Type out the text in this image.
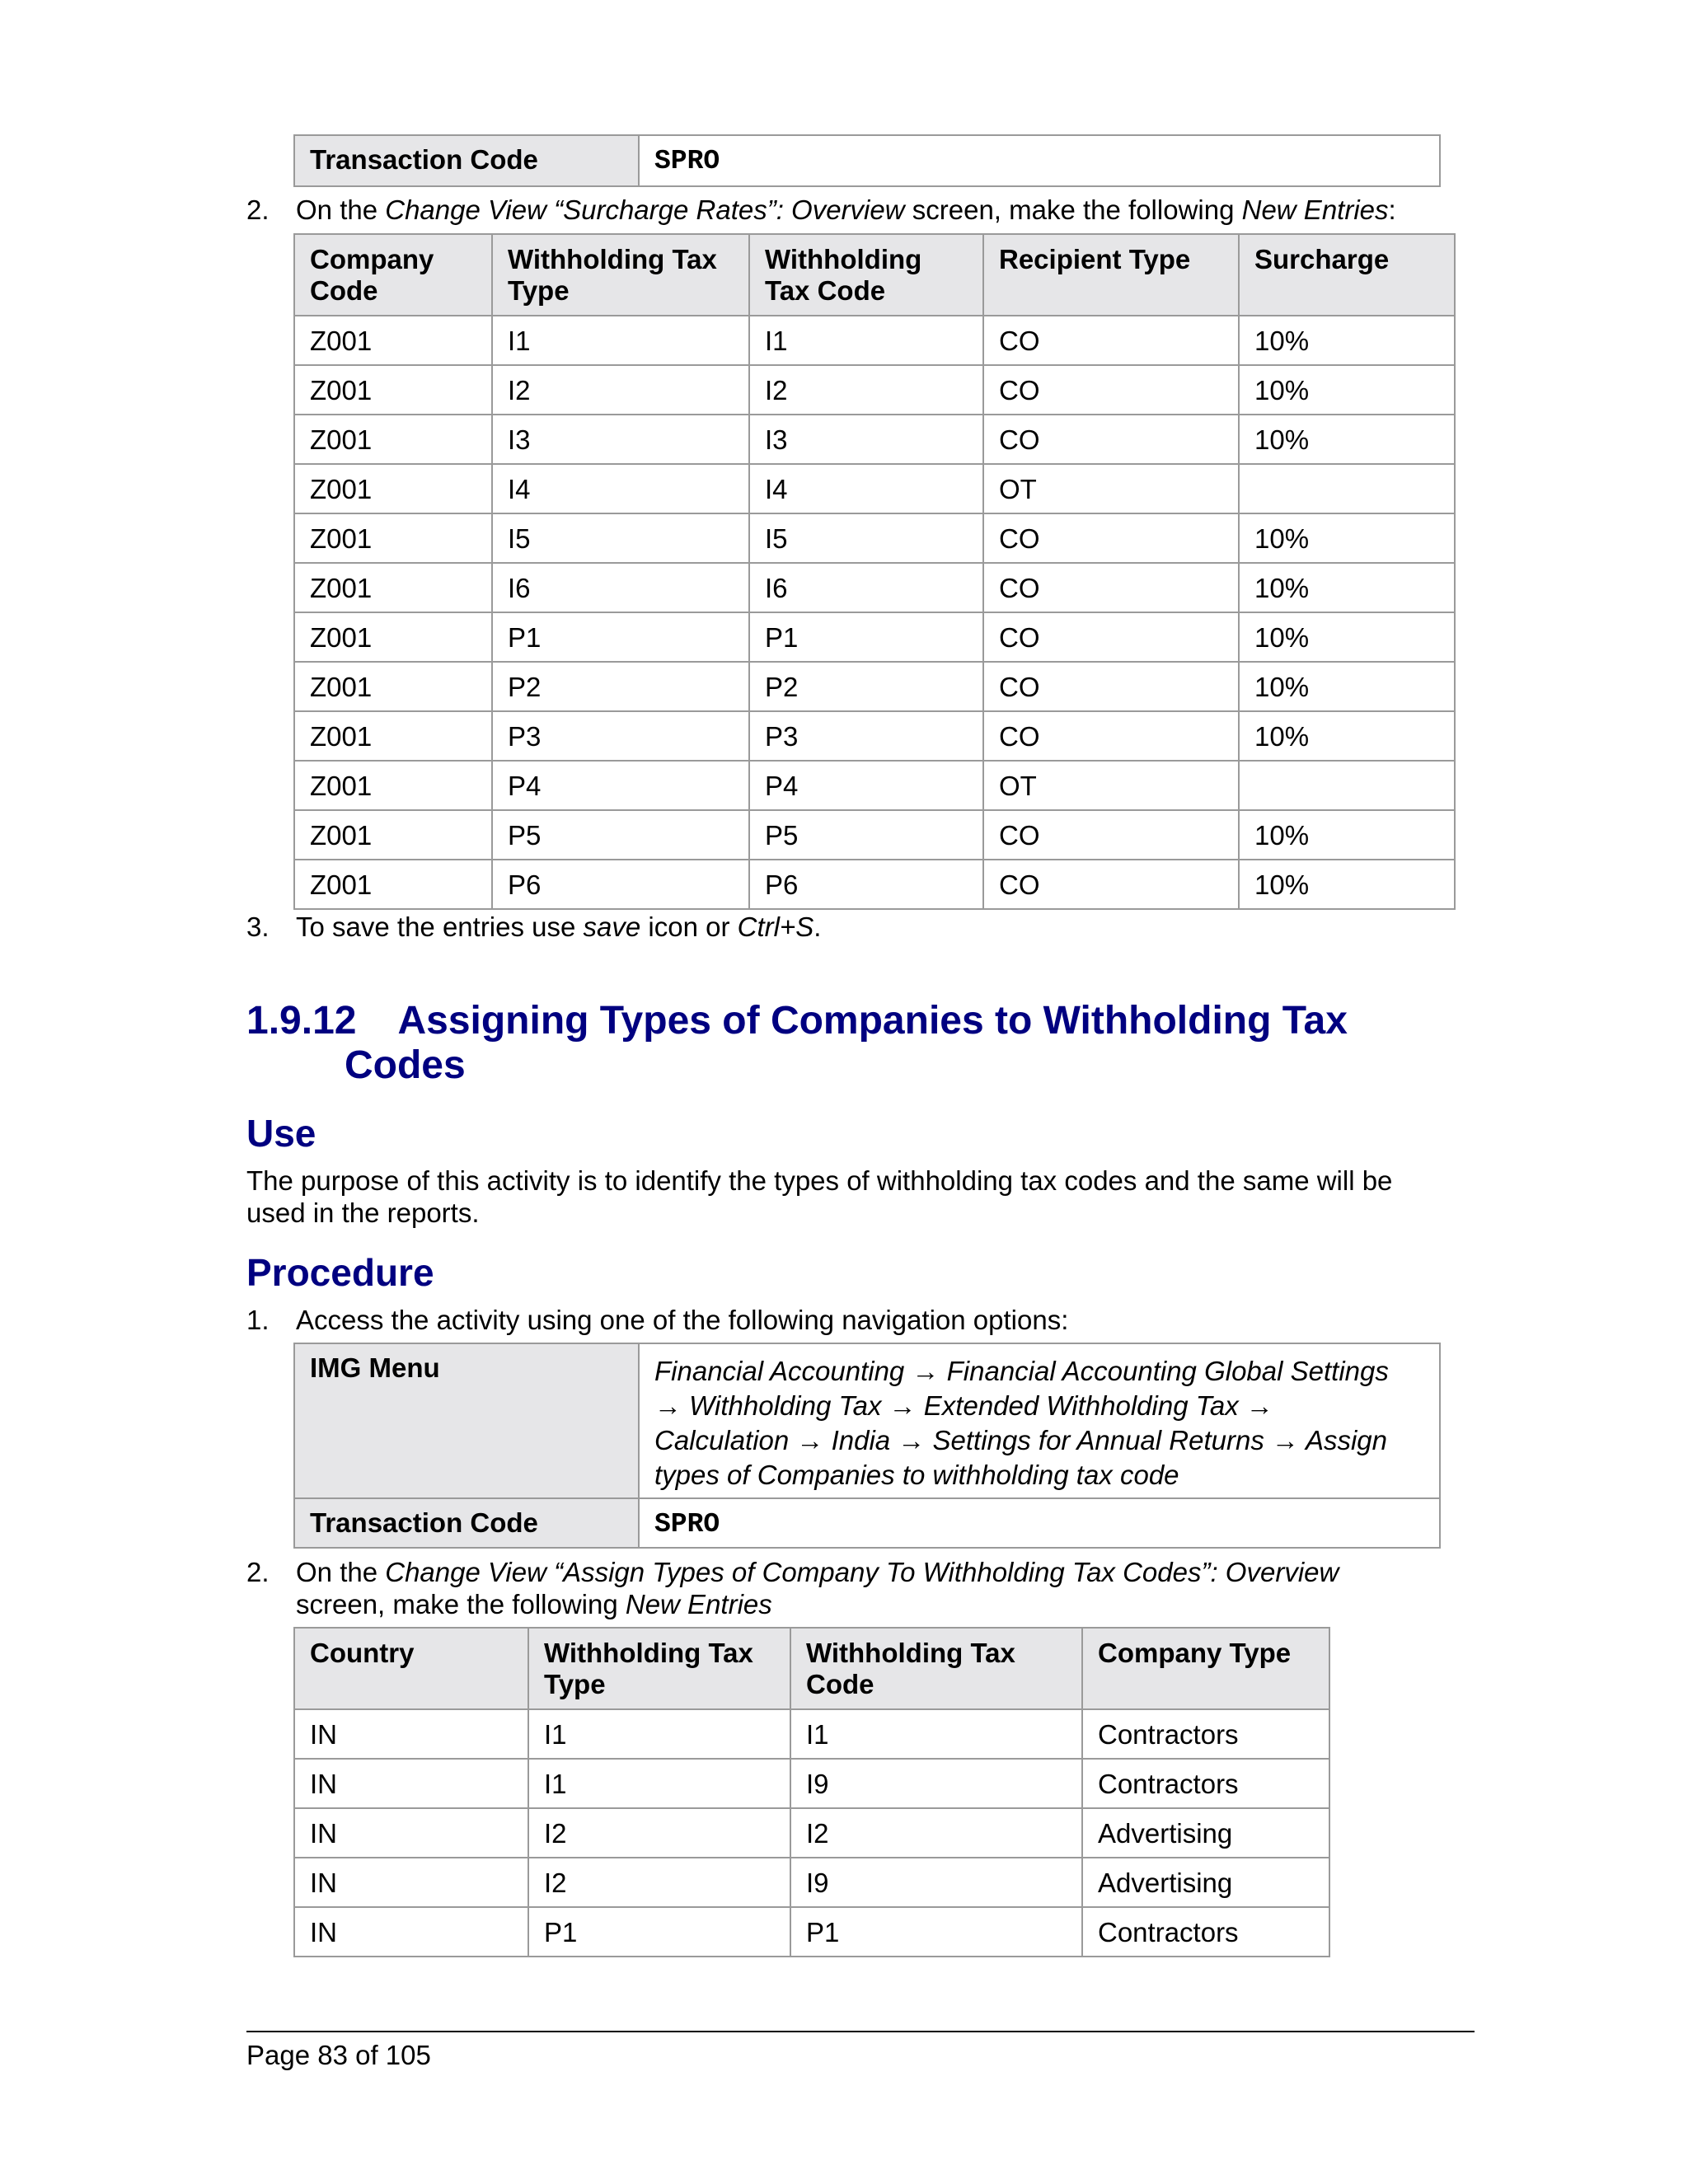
Transaction Code	SPRO
2. On the Change View “Surcharge Rates”: Overview screen, make the following New Entries:
Company Code	Withholding Tax Type	Withholding Tax Code	Recipient Type	Surcharge
Z001	I1	I1	CO	10%
Z001	I2	I2	CO	10%
Z001	I3	I3	CO	10%
Z001	I4	I4	OT	
Z001	I5	I5	CO	10%
Z001	I6	I6	CO	10%
Z001	P1	P1	CO	10%
Z001	P2	P2	CO	10%
Z001	P3	P3	CO	10%
Z001	P4	P4	OT	
Z001	P5	P5	CO	10%
Z001	P6	P6	CO	10%
3. To save the entries use save icon or Ctrl+S.
1.9.12 Assigning Types of Companies to Withholding Tax
Codes
Use
The purpose of this activity is to identify the types of withholding tax codes and the same will be
used in the reports.
Procedure
1. Access the activity using one of the following navigation options:
IMG Menu	Financial Accounting → Financial Accounting Global Settings
→ Withholding Tax → Extended Withholding Tax →
Calculation → India → Settings for Annual Returns → Assign
types of Companies to withholding tax code

Transaction Code	SPRO
2. On the Change View “Assign Types of Company To Withholding Tax Codes”: Overview
screen, make the following New Entries
Country	Withholding Tax Type	Withholding Tax Code	Company Type
IN	I1	I1	Contractors
IN	I1	I9	Contractors
IN	I2	I2	Advertising
IN	I2	I9	Advertising
IN	P1	P1	Contractors
Page 83 of 105
